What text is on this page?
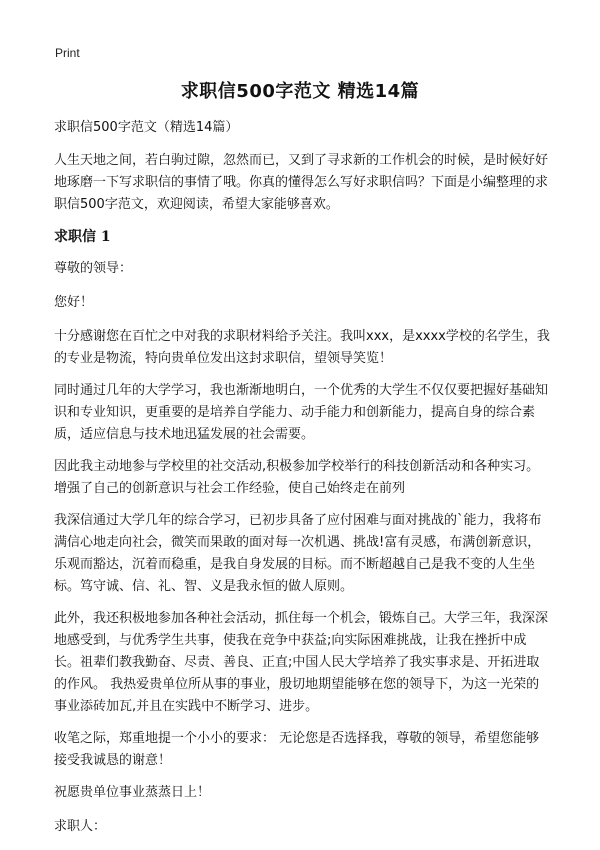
Print
求职信500字范文 精选14篇

求职信500字范文（精选14篇）

人生天地之间，若白驹过隙，忽然而已，又到了寻求新的工作机会的时候，是时候好好地琢磨一下写求职信的事情了哦。你真的懂得怎么写好求职信吗？下面是小编整理的求职信500字范文，欢迎阅读，希望大家能够喜欢。

求职信 1

尊敬的领导：

您好！

十分感谢您在百忙之中对我的求职材料给予关注。我叫xxx，是xxxx学校的名学生，我的专业是物流，特向贵单位发出这封求职信，望领导笑览！

同时通过几年的大学学习，我也渐渐地明白，一个优秀的大学生不仅仅要把握好基础知识和专业知识，更重要的是培养自学能力、动手能力和创新能力，提高自身的综合素质，适应信息与技术地迅猛发展的社会需要。

因此我主动地参与学校里的社交活动,积极参加学校举行的科技创新活动和各种实习。增强了自己的创新意识与社会工作经验，使自己始终走在前列

我深信通过大学几年的综合学习，已初步具备了应付困难与面对挑战的`能力，我将布满信心地走向社会，微笑而果敢的面对每一次机遇、挑战!富有灵感，布满创新意识，乐观而豁达，沉着而稳重，是我自身发展的目标。而不断超越自己是我不变的人生坐标。笃守诚、信、礼、智、义是我永恒的做人原则。

此外，我还积极地参加各种社会活动，抓住每一个机会，锻炼自己。大学三年，我深深地感受到，与优秀学生共事，使我在竞争中获益;向实际困难挑战，让我在挫折中成长。祖辈们教我勤奋、尽责、善良、正直;中国人民大学培养了我实事求是、开拓进取的作风。 我热爱贵单位所从事的事业，殷切地期望能够在您的领导下，为这一光荣的事业添砖加瓦,并且在实践中不断学习、进步。

收笔之际，郑重地提一个小小的要求： 无论您是否选择我，尊敬的领导，希望您能够接受我诚恳的谢意！

祝愿贵单位事业蒸蒸日上！

求职人：
